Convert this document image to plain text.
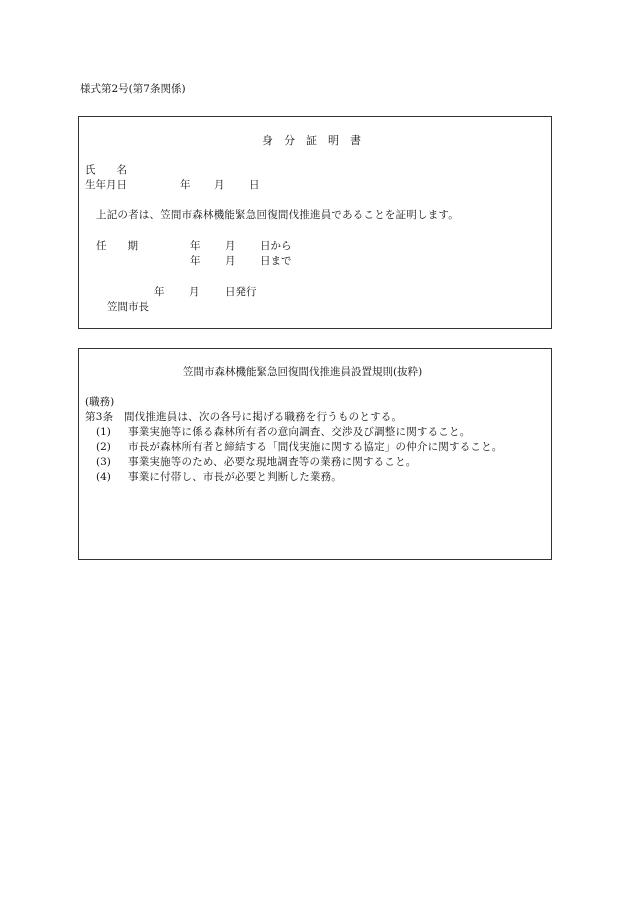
様式第2号(第7条関係)
身　分　証　明　書
氏　　名
生年月日	年 月 日
上記の者は、笠間市森林機能緊急回復間伐推進員であることを証明します。
任　　期	年 月 日から
年 月 日まで
年 月 日発行
笠間市長
笠間市森林機能緊急回復間伐推進員設置規則(抜粋)
(職務)
第3条　間伐推進員は、次の各号に掲げる職務を行うものとする。
(1) 事業実施等に係る森林所有者の意向調査、交渉及び調整に関すること。
(2) 市長が森林所有者と締結する「間伐実施に関する協定」の仲介に関すること。
(3) 事業実施等のため、必要な現地調査等の業務に関すること。
(4) 事業に付帯し、市長が必要と判断した業務。
